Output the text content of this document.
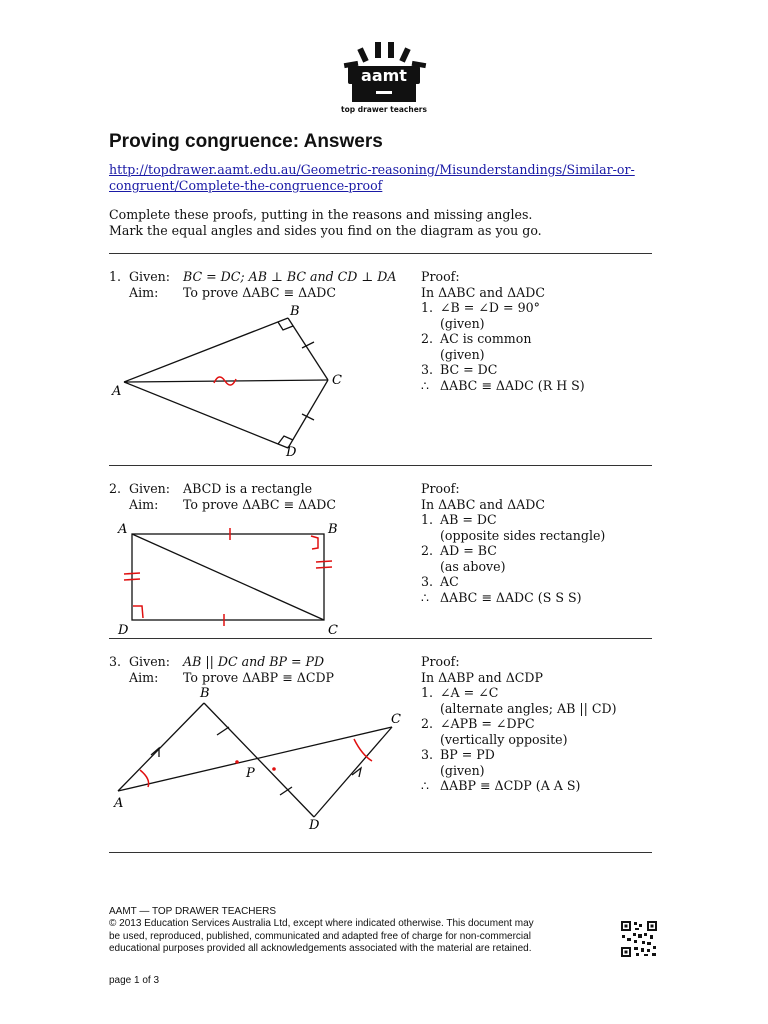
aamt
top drawer teachers
Proving congruence: Answers
http://topdrawer.aamt.edu.au/Geometric-reasoning/Misunderstandings/Similar-or-
congruent/Complete-the-congruence-proof
Complete these proofs, putting in the reasons and missing angles.
Mark the equal angles and sides you find on the diagram as you go.
1. Given: BC = DC; AB ⊥ BC and CD ⊥ DA
Aim: To prove ΔABC ≡ ΔADC
A
B
C
D
Proof:
In ΔABC and ΔADC
1. ∠B = ∠D = 90°
(given)
2. AC is common
(given)
3. BC = DC
∴ ΔABC ≡ ΔADC (R H S)
2. Given: ABCD is a rectangle
Aim: To prove ΔABC ≡ ΔADC
A	B
C
D
Proof:
In ΔABC and ΔADC
1. AB = DC
(opposite sides rectangle)
2. AD = BC
(as above)
3. AC
∴ ΔABC ≡ ΔADC (S S S)
3. Given: AB || DC and BP = PD
Aim: To prove ΔABP ≡ ΔCDP
A
B
C
D
P
Proof:
In ΔABP and ΔCDP
1. ∠A = ∠C
(alternate angles; AB || CD)
2. ∠APB = ∠DPC
(vertically opposite)
3. BP = PD
(given)
∴ ΔABP ≡ ΔCDP (A A S)
AAMT — TOP DRAWER TEACHERS
© 2013 Education Services Australia Ltd, except where indicated otherwise. This document may
be used, reproduced, published, communicated and adapted free of charge for non-commercial
educational purposes provided all acknowledgements associated with the material are retained.
page 1 of 3
